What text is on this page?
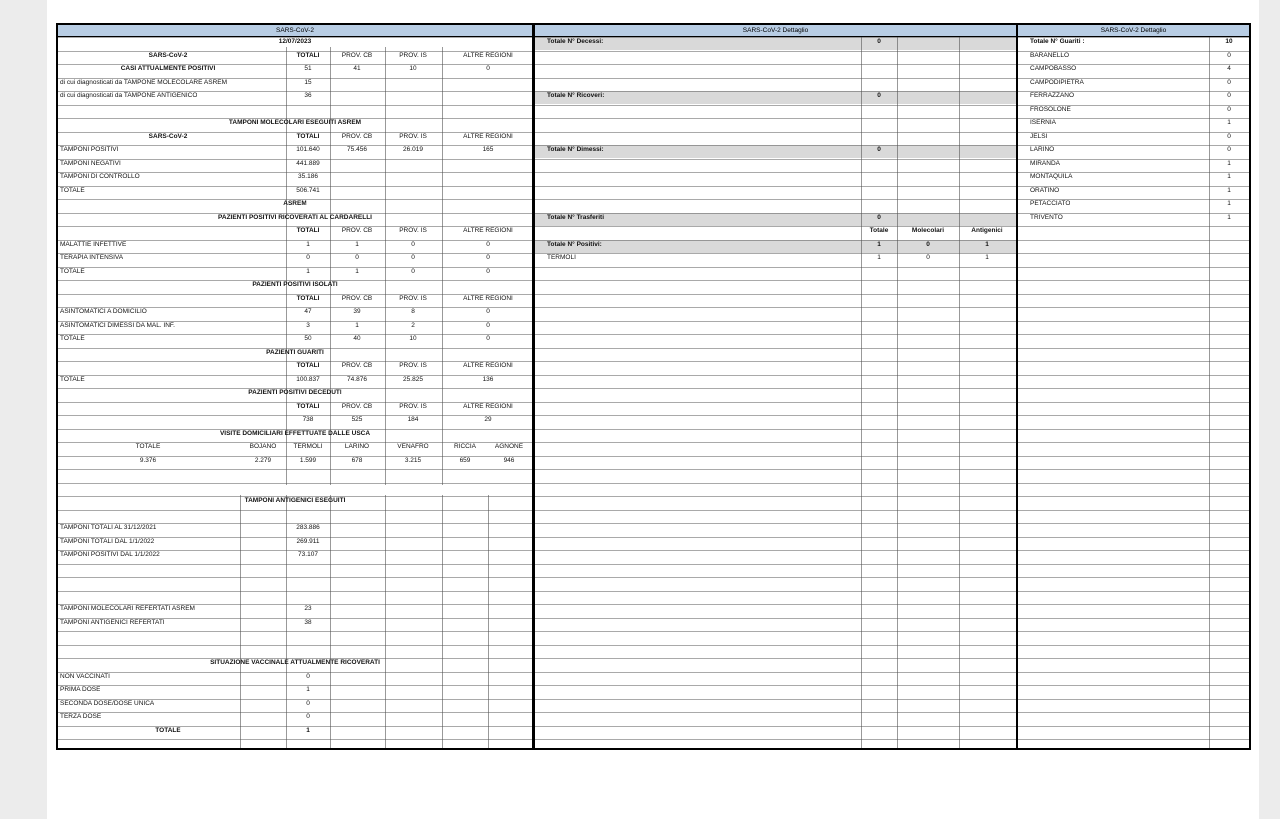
SARS-CoV-2
12/07/2023
SARS-CoV-2	TOTALI	PROV. CB	PROV. IS	ALTRE REGIONI
CASI ATTUALMENTE POSITIVI	51	41	10	0
di cui diagnosticati da TAMPONE MOLECOLARE ASREM	15
di cui diagnosticati da TAMPONE ANTIGENICO	36
TAMPONI MOLECOLARI ESEGUITI ASREM
SARS-CoV-2	TOTALI	PROV. CB	PROV. IS	ALTRE REGIONI
TAMPONI POSITIVI	101.640	75.456	26.019	165
TAMPONI NEGATIVI	441.889
TAMPONI DI CONTROLLO	35.186
TOTALE	506.741
ASREM
PAZIENTI POSITIVI RICOVERATI AL CARDARELLI
TOTALI	PROV. CB	PROV. IS	ALTRE REGIONI
MALATTIE INFETTIVE	1	1	0	0
TERAPIA INTENSIVA	0	0	0	0
TOTALE	1	1	0	0
PAZIENTI POSITIVI ISOLATI
TOTALI	PROV. CB	PROV. IS	ALTRE REGIONI
ASINTOMATICI A DOMICILIO	47	39	8	0
ASINTOMATICI DIMESSI DA MAL. INF.	3	1	2	0
TOTALE	50	40	10	0
PAZIENTI GUARITI
TOTALI	PROV. CB	PROV. IS	ALTRE REGIONI
TOTALE	100.837	74.876	25.825	136
PAZIENTI POSITIVI DECEDUTI
TOTALI	PROV. CB	PROV. IS	ALTRE REGIONI
738	525	184	29
VISITE DOMICILIARI EFFETTUATE DALLE USCA
TOTALE	BOJANO	TERMOLI	LARINO	VENAFRO	RICCIA	AGNONE
9.376	2.279	1.599	678	3.215	659	946
TAMPONI ANTIGENICI ESEGUITI
TAMPONI TOTALI AL 31/12/2021	283.886
TAMPONI TOTALI DAL 1/1/2022	269.911
TAMPONI POSITIVI DAL 1/1/2022	73.107
TAMPONI MOLECOLARI REFERTATI ASREM	23
TAMPONI ANTIGENICI REFERTATI	38
SITUAZIONE VACCINALE ATTUALMENTE RICOVERATI
NON VACCINATI	0
PRIMA DOSE	1
SECONDA DOSE/DOSE UNICA	0
TERZA DOSE	0
TOTALE	1
SARS-CoV-2 Dettaglio
Totale N° Decessi:	0
Totale N° Ricoveri:	0
Totale N° Dimessi:	0
Totale N° Trasferiti	0
Totale	Molecolari	Antigenici
Totale N° Positivi:	1	0	1
TERMOLI	1	0	1
SARS-CoV-2 Dettaglio
Totale N° Guariti :	10
BARANELLO	0
CAMPOBASSO	4
CAMPODIPIETRA	0
FERRAZZANO	0
FROSOLONE	0
ISERNIA	1
JELSI	0
LARINO	0
MIRANDA	1
MONTAQUILA	1
ORATINO	1
PETACCIATO	1
TRIVENTO	1
